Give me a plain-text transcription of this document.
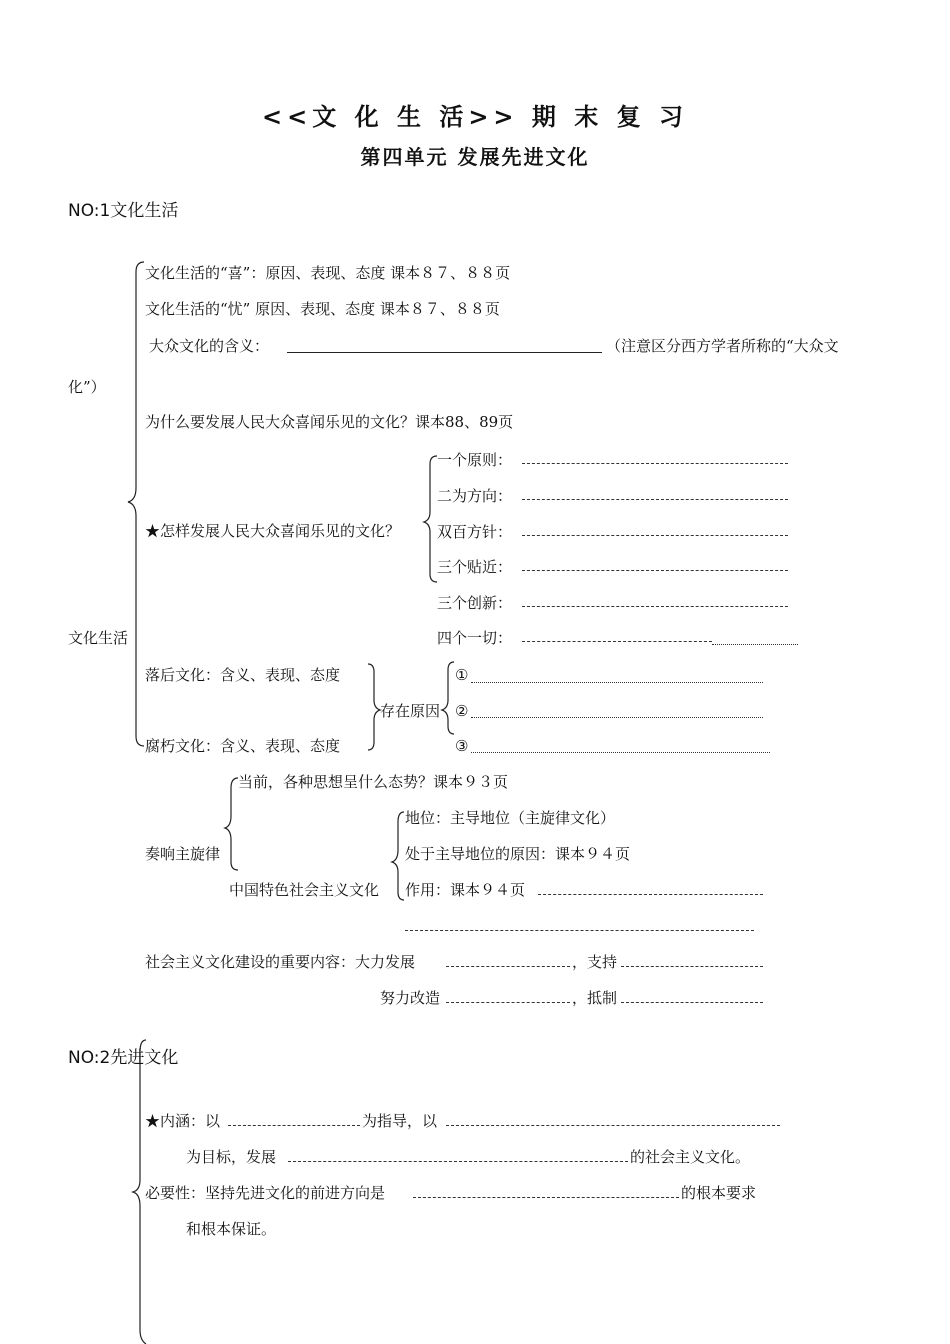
<<文 化 生 活>> 期 末 复 习
第四单元 发展先进文化
NO:1文化生活
文化生活的“喜”：原因、表现、态度 课本８７、８８页
文化生活的“忧” 原因、表现、态度 课本８７、８８页
大众文化的含义：	（注意区分西方学者所称的“大众文
化”）
为什么要发展人民大众喜闻乐见的文化？课本88、89页
★怎样发展人民大众喜闻乐见的文化？
一个原则：
二为方向：
双百方针：
三个贴近：
三个创新：
四个一切：
文化生活
落后文化：含义、表现、态度
存在原因
腐朽文化：含义、表现、态度
①
②
③
当前，各种思想呈什么态势？课本９３页
奏响主旋律
中国特色社会主义文化
地位：主导地位（主旋律文化）
处于主导地位的原因：课本９４页
作用：课本９４页
社会主义文化建设的重要内容：大力发展	，支持
努力改造	，抵制
NO:2先进文化
★内涵：以	为指导，以
为目标，发展	的社会主义文化。
必要性：坚持先进文化的前进方向是	的根本要求
和根本保证。
